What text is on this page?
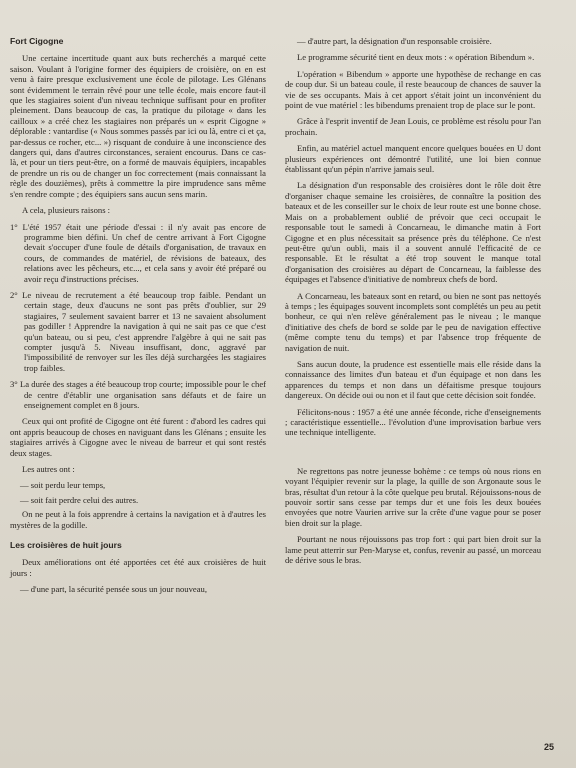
Fort Cigogne

Une certaine incertitude quant aux buts recherchés a marqué cette saison. Voulant à l'origine former des équipiers de croisière, on en est venu à faire presque exclusivement une école de pilotage. Les Glénans sont évidemment le terrain rêvé pour une telle école, mais encore faut-il que les stagiaires soient d'un niveau technique suffisant pour en profiter pleinement. Dans beaucoup de cas, la pratique du pilotage « dans les cailloux » a créé chez les stagiaires non préparés un « esprit Cigogne » déplorable : vantardise (« Nous sommes passés par ici ou là, entre ci et ça, par-dessus ce rocher, etc... ») risquant de conduire à une inconscience des dangers qui, dans d'autres circonstances, seraient encourus. Dans ce cas-là, et pour un tiers peut-être, on a formé de mauvais équipiers, incapables de prendre un ris ou de changer un foc correctement (mais connaissant la règle des douzièmes), prêts à commettre la pire imprudence sans même s'en rendre compte ; des équipiers sans aucun sens marin.

A cela, plusieurs raisons :

1° L'été 1957 était une période d'essai : il n'y avait pas encore de programme bien défini. Un chef de centre arrivant à Fort Cigogne devait s'occuper d'une foule de détails d'organisation, de travaux en cours, de commandes de matériel, de révisions de bateaux, des relations avec les pêcheurs, etc..., et cela sans y avoir été préparé ou avoir reçu d'instructions précises.

2° Le niveau de recrutement a été beaucoup trop faible. Pendant un certain stage, deux d'aucuns ne sont pas prêts d'oublier, sur 29 stagiaires, 7 seulement savaient barrer et 13 ne savaient absolument pas godiller ! Apprendre la navigation à qui ne sait pas ce que c'est qu'un bateau, ou si peu, c'est apprendre l'algèbre à qui ne sait pas compter jusqu'à 5. Niveau insuffisant, donc, aggravé par l'impossibilité de renvoyer sur les îles déjà surchargées les stagiaires trop faibles.

3° La durée des stages a été beaucoup trop courte; impossible pour le chef de centre d'établir une organisation sans défauts et de faire un enseignement complet en 8 jours.

Ceux qui ont profité de Cigogne ont été furent : d'abord les cadres qui ont appris beaucoup de choses en naviguant dans les Glénans ; ensuite les stagiaires arrivés à Cigogne avec le niveau de barreur et qui sont restés deux stages.

Les autres ont :

— soit perdu leur temps,

— soit fait perdre celui des autres.

On ne peut à la fois apprendre à certains la navigation et à d'autres les mystères de la godille.

Les croisières de huit jours

Deux améliorations ont été apportées cet été aux croisières de huit jours :

— d'une part, la sécurité pensée sous un jour nouveau,

— d'autre part, la désignation d'un responsable croisière.

Le programme sécurité tient en deux mots : « opération Bibendum ».

L'opération « Bibendum » apporte une hypothèse de rechange en cas de coup dur. Si un bateau coule, il reste beaucoup de chances de sauver la vie de ses occupants. Mais à cet apport s'était joint un inconvénient du point de vue matériel : les bibendums prenaient trop de place sur le pont.

Grâce à l'esprit inventif de Jean Louis, ce problème est résolu pour l'an prochain.

Enfin, au matériel actuel manquent encore quelques bouées en U dont plusieurs expériences ont démontré l'utilité, une loi bien connue établissant qu'un pépin n'arrive jamais seul.

La désignation d'un responsable des croisières dont le rôle doit être d'organiser chaque semaine les croisières, de connaître la position des bateaux et de les conseiller sur le choix de leur route est une bonne chose. Mais on a probablement oublié de prévoir que ceci occupait le responsable tout le samedi à Concarneau, le dimanche matin à Fort Cigogne et en plus nécessitait sa présence près du téléphone. Ce n'est peut-être qu'un oubli, mais il a souvent annulé l'efficacité de ce responsable. Et le résultat a été trop souvent le manque total d'organisation des croisières au départ de Concarneau, la faiblesse des équipages et l'absence d'initiative de nombreux chefs de bord.

A Concarneau, les bateaux sont en retard, ou bien ne sont pas nettoyés à temps ; les équipages souvent incomplets sont complétés un peu au petit bonheur, ce qui n'en relève généralement pas le niveau ; le manque d'initiative des chefs de bord se solde par le peu de navigation effective (même compte tenu du temps) et par l'absence trop fréquente de navigation de nuit.

Sans aucun doute, la prudence est essentielle mais elle réside dans la connaissance des limites d'un bateau et d'un équipage et non dans les apparences du temps et non dans un défaitisme presque toujours dangereux. On décide oui ou non et il faut que cette décision soit fondée.

Félicitons-nous : 1957 a été une année féconde, riche d'enseignements ; caractéristique essentielle... l'évolution d'une improvisation barbue vers une technique intelligente.

Ne regrettons pas notre jeunesse bohème : ce temps où nous rions en voyant l'équipier revenir sur la plage, la quille de son Argonaute sous le bras, résultat d'un retour à la côte quelque peu brutal. Réjouissons-nous de pouvoir sortir sans cesse par temps dur et une fois les deux bouées envoyées que notre Vaurien arrive sur la crête d'une vague pour se poser bien droit sur la plage.

Pourtant ne nous réjouissons pas trop fort : qui part bien droit sur la lame peut atterrir sur Pen-Maryse et, confus, revenir au passé, un morceau de dérive sous le bras.

25
